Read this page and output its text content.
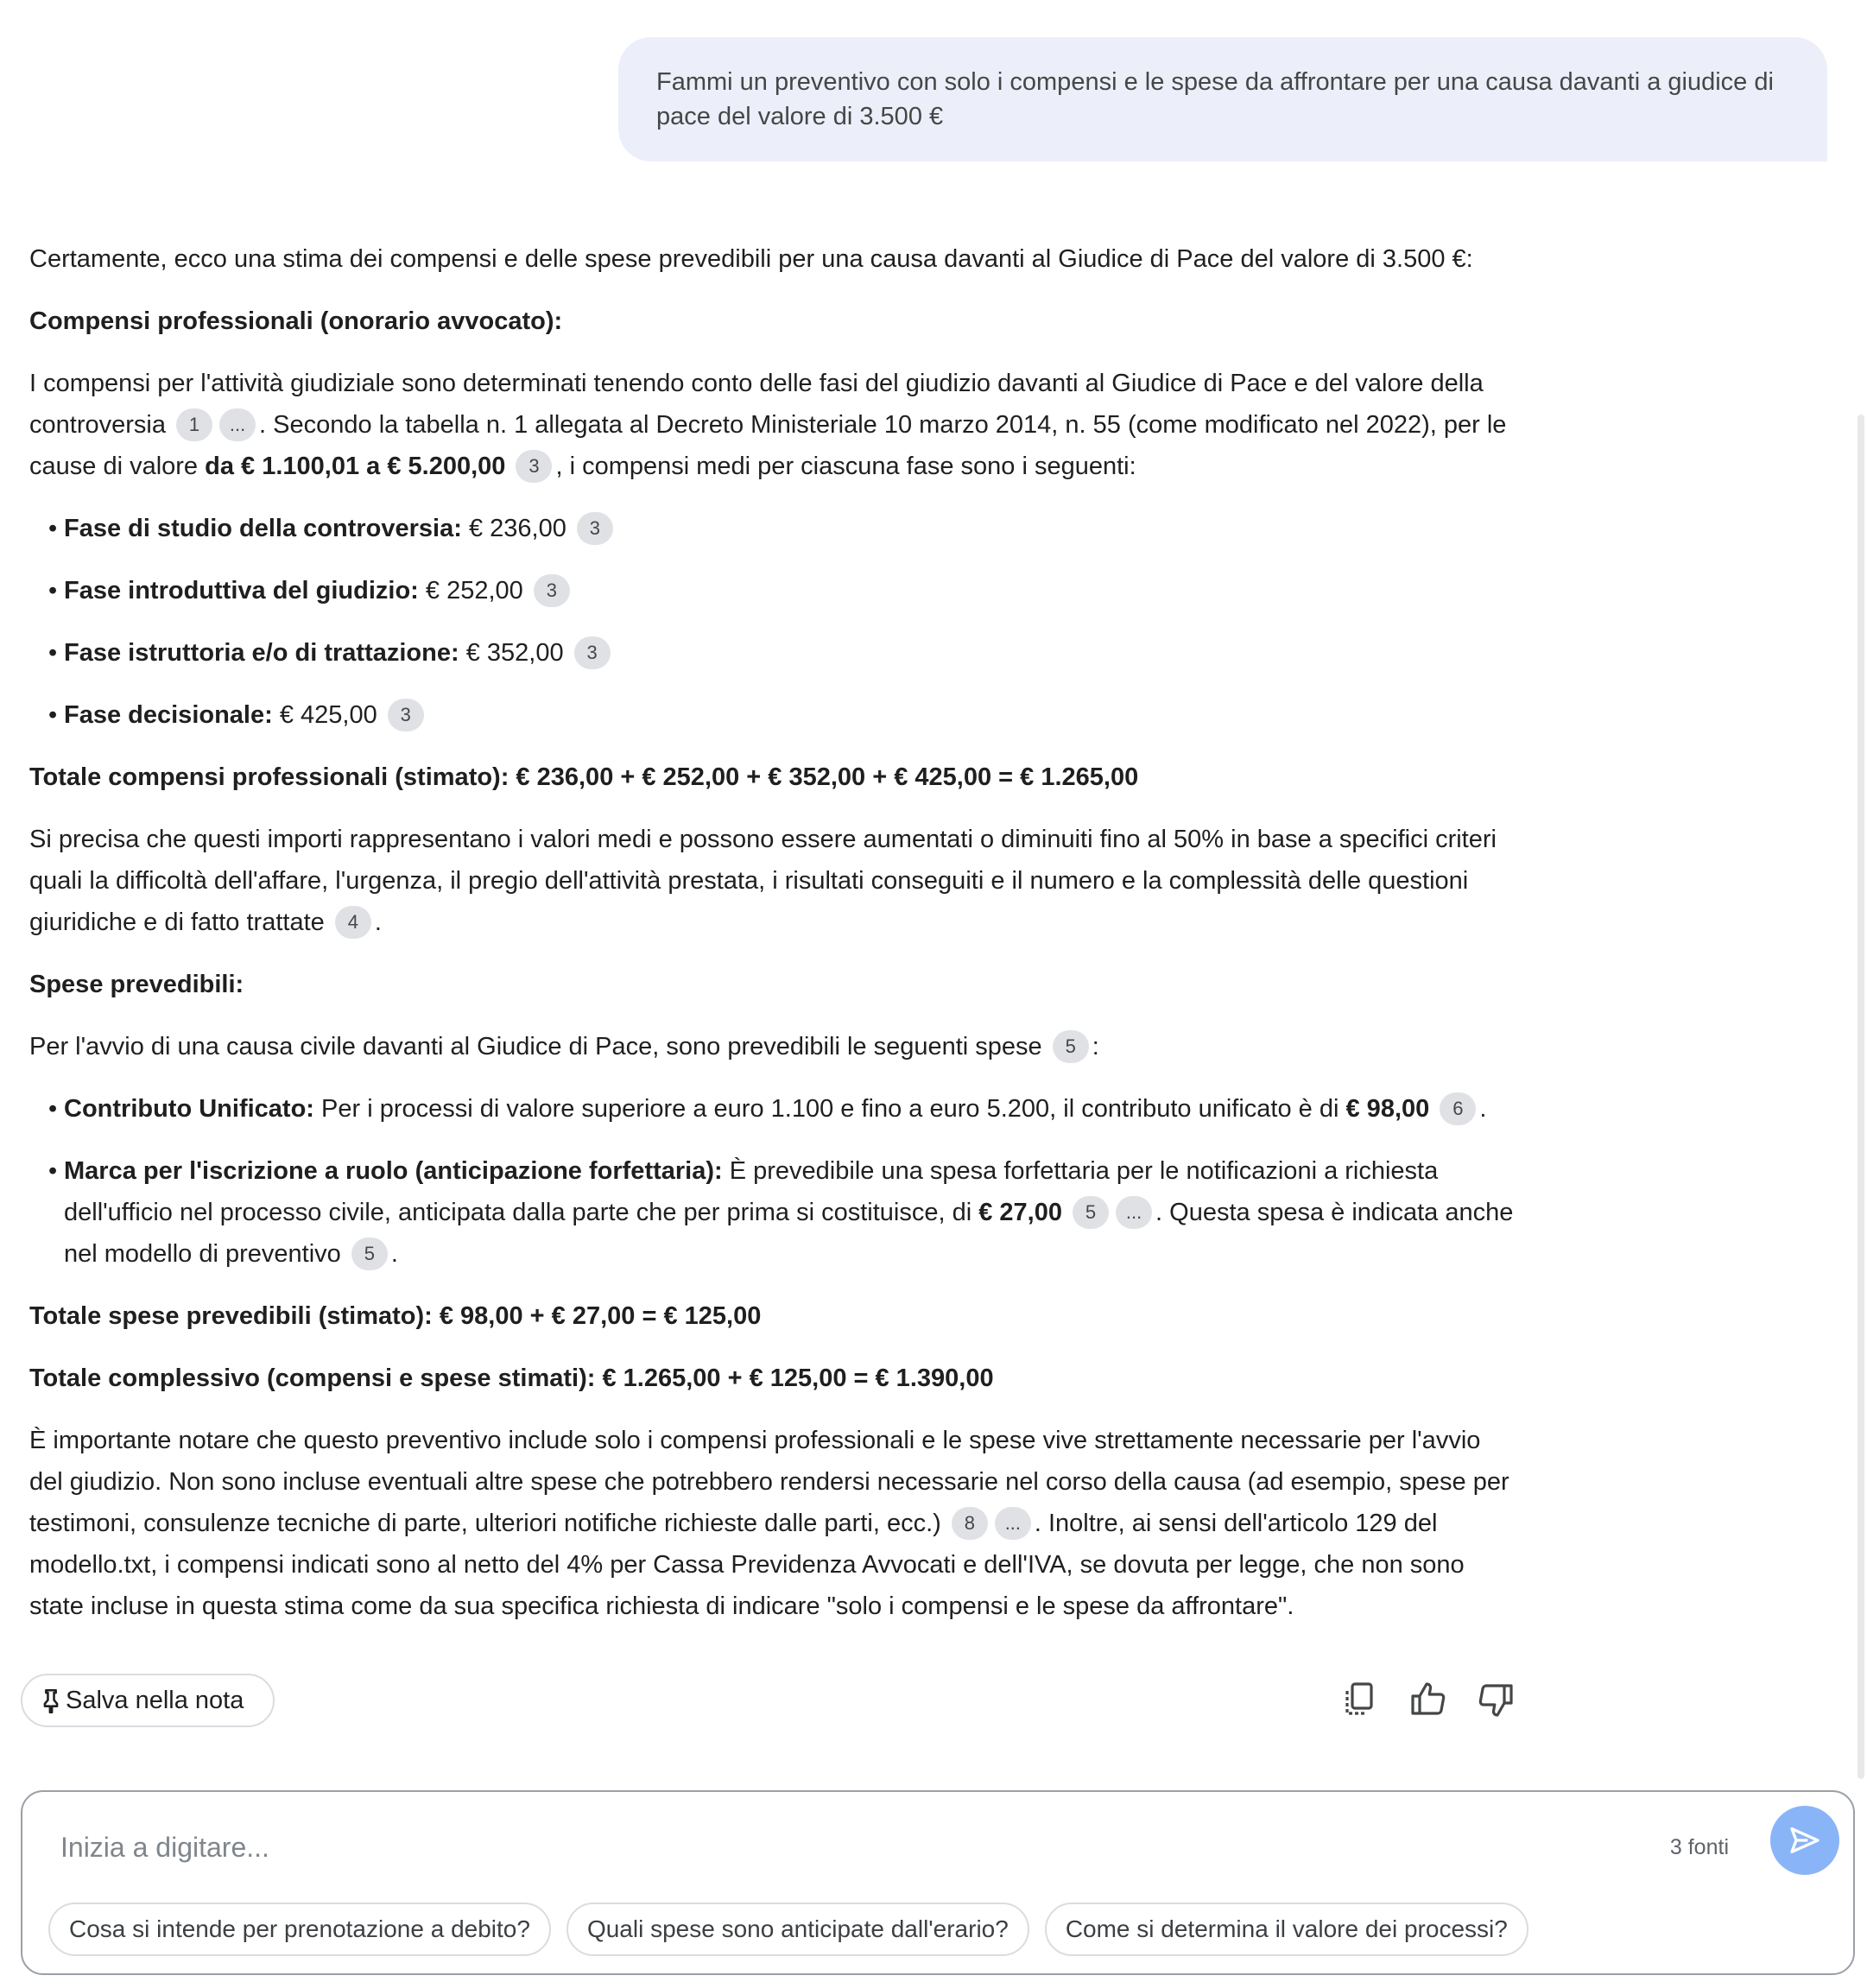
Fammi un preventivo con solo i compensi e le spese da affrontare per una causa davanti a giudice di pace del valore di 3.500 €

Certamente, ecco una stima dei compensi e delle spese prevedibili per una causa davanti al Giudice di Pace del valore di 3.500 €:

Compensi professionali (onorario avvocato):

I compensi per l'attività giudiziale sono determinati tenendo conto delle fasi del giudizio davanti al Giudice di Pace e del valore della controversia 1 ... . Secondo la tabella n. 1 allegata al Decreto Ministeriale 10 marzo 2014, n. 55 (come modificato nel 2022), per le cause di valore da € 1.100,01 a € 5.200,00 3 , i compensi medi per ciascuna fase sono i seguenti:

• Fase di studio della controversia: € 236,00 3
• Fase introduttiva del giudizio: € 252,00 3
• Fase istruttoria e/o di trattazione: € 352,00 3
• Fase decisionale: € 425,00 3

Totale compensi professionali (stimato): € 236,00 + € 252,00 + € 352,00 + € 425,00 = € 1.265,00

Si precisa che questi importi rappresentano i valori medi e possono essere aumentati o diminuiti fino al 50% in base a specifici criteri quali la difficoltà dell'affare, l'urgenza, il pregio dell'attività prestata, i risultati conseguiti e il numero e la complessità delle questioni giuridiche e di fatto trattate 4 .

Spese prevedibili:

Per l'avvio di una causa civile davanti al Giudice di Pace, sono prevedibili le seguenti spese 5 :

• Contributo Unificato: Per i processi di valore superiore a euro 1.100 e fino a euro 5.200, il contributo unificato è di € 98,00 6 .
• Marca per l'iscrizione a ruolo (anticipazione forfettaria): È prevedibile una spesa forfettaria per le notificazioni a richiesta dell'ufficio nel processo civile, anticipata dalla parte che per prima si costituisce, di € 27,00 5 ... . Questa spesa è indicata anche nel modello di preventivo 5 .

Totale spese prevedibili (stimato): € 98,00 + € 27,00 = € 125,00

Totale complessivo (compensi e spese stimati): € 1.265,00 + € 125,00 = € 1.390,00

È importante notare che questo preventivo include solo i compensi professionali e le spese vive strettamente necessarie per l'avvio del giudizio. Non sono incluse eventuali altre spese che potrebbero rendersi necessarie nel corso della causa (ad esempio, spese per testimoni, consulenze tecniche di parte, ulteriori notifiche richieste dalle parti, ecc.) 8 ... . Inoltre, ai sensi dell'articolo 129 del modello.txt, i compensi indicati sono al netto del 4% per Cassa Previdenza Avvocati e dell'IVA, se dovuta per legge, che non sono state incluse in questa stima come da sua specifica richiesta di indicare "solo i compensi e le spese da affrontare".

Salva nella nota
Inizia a digitare...
3 fonti
Cosa si intende per prenotazione a debito?	Quali spese sono anticipate dall'erario?	Come si determina il valore dei processi?
